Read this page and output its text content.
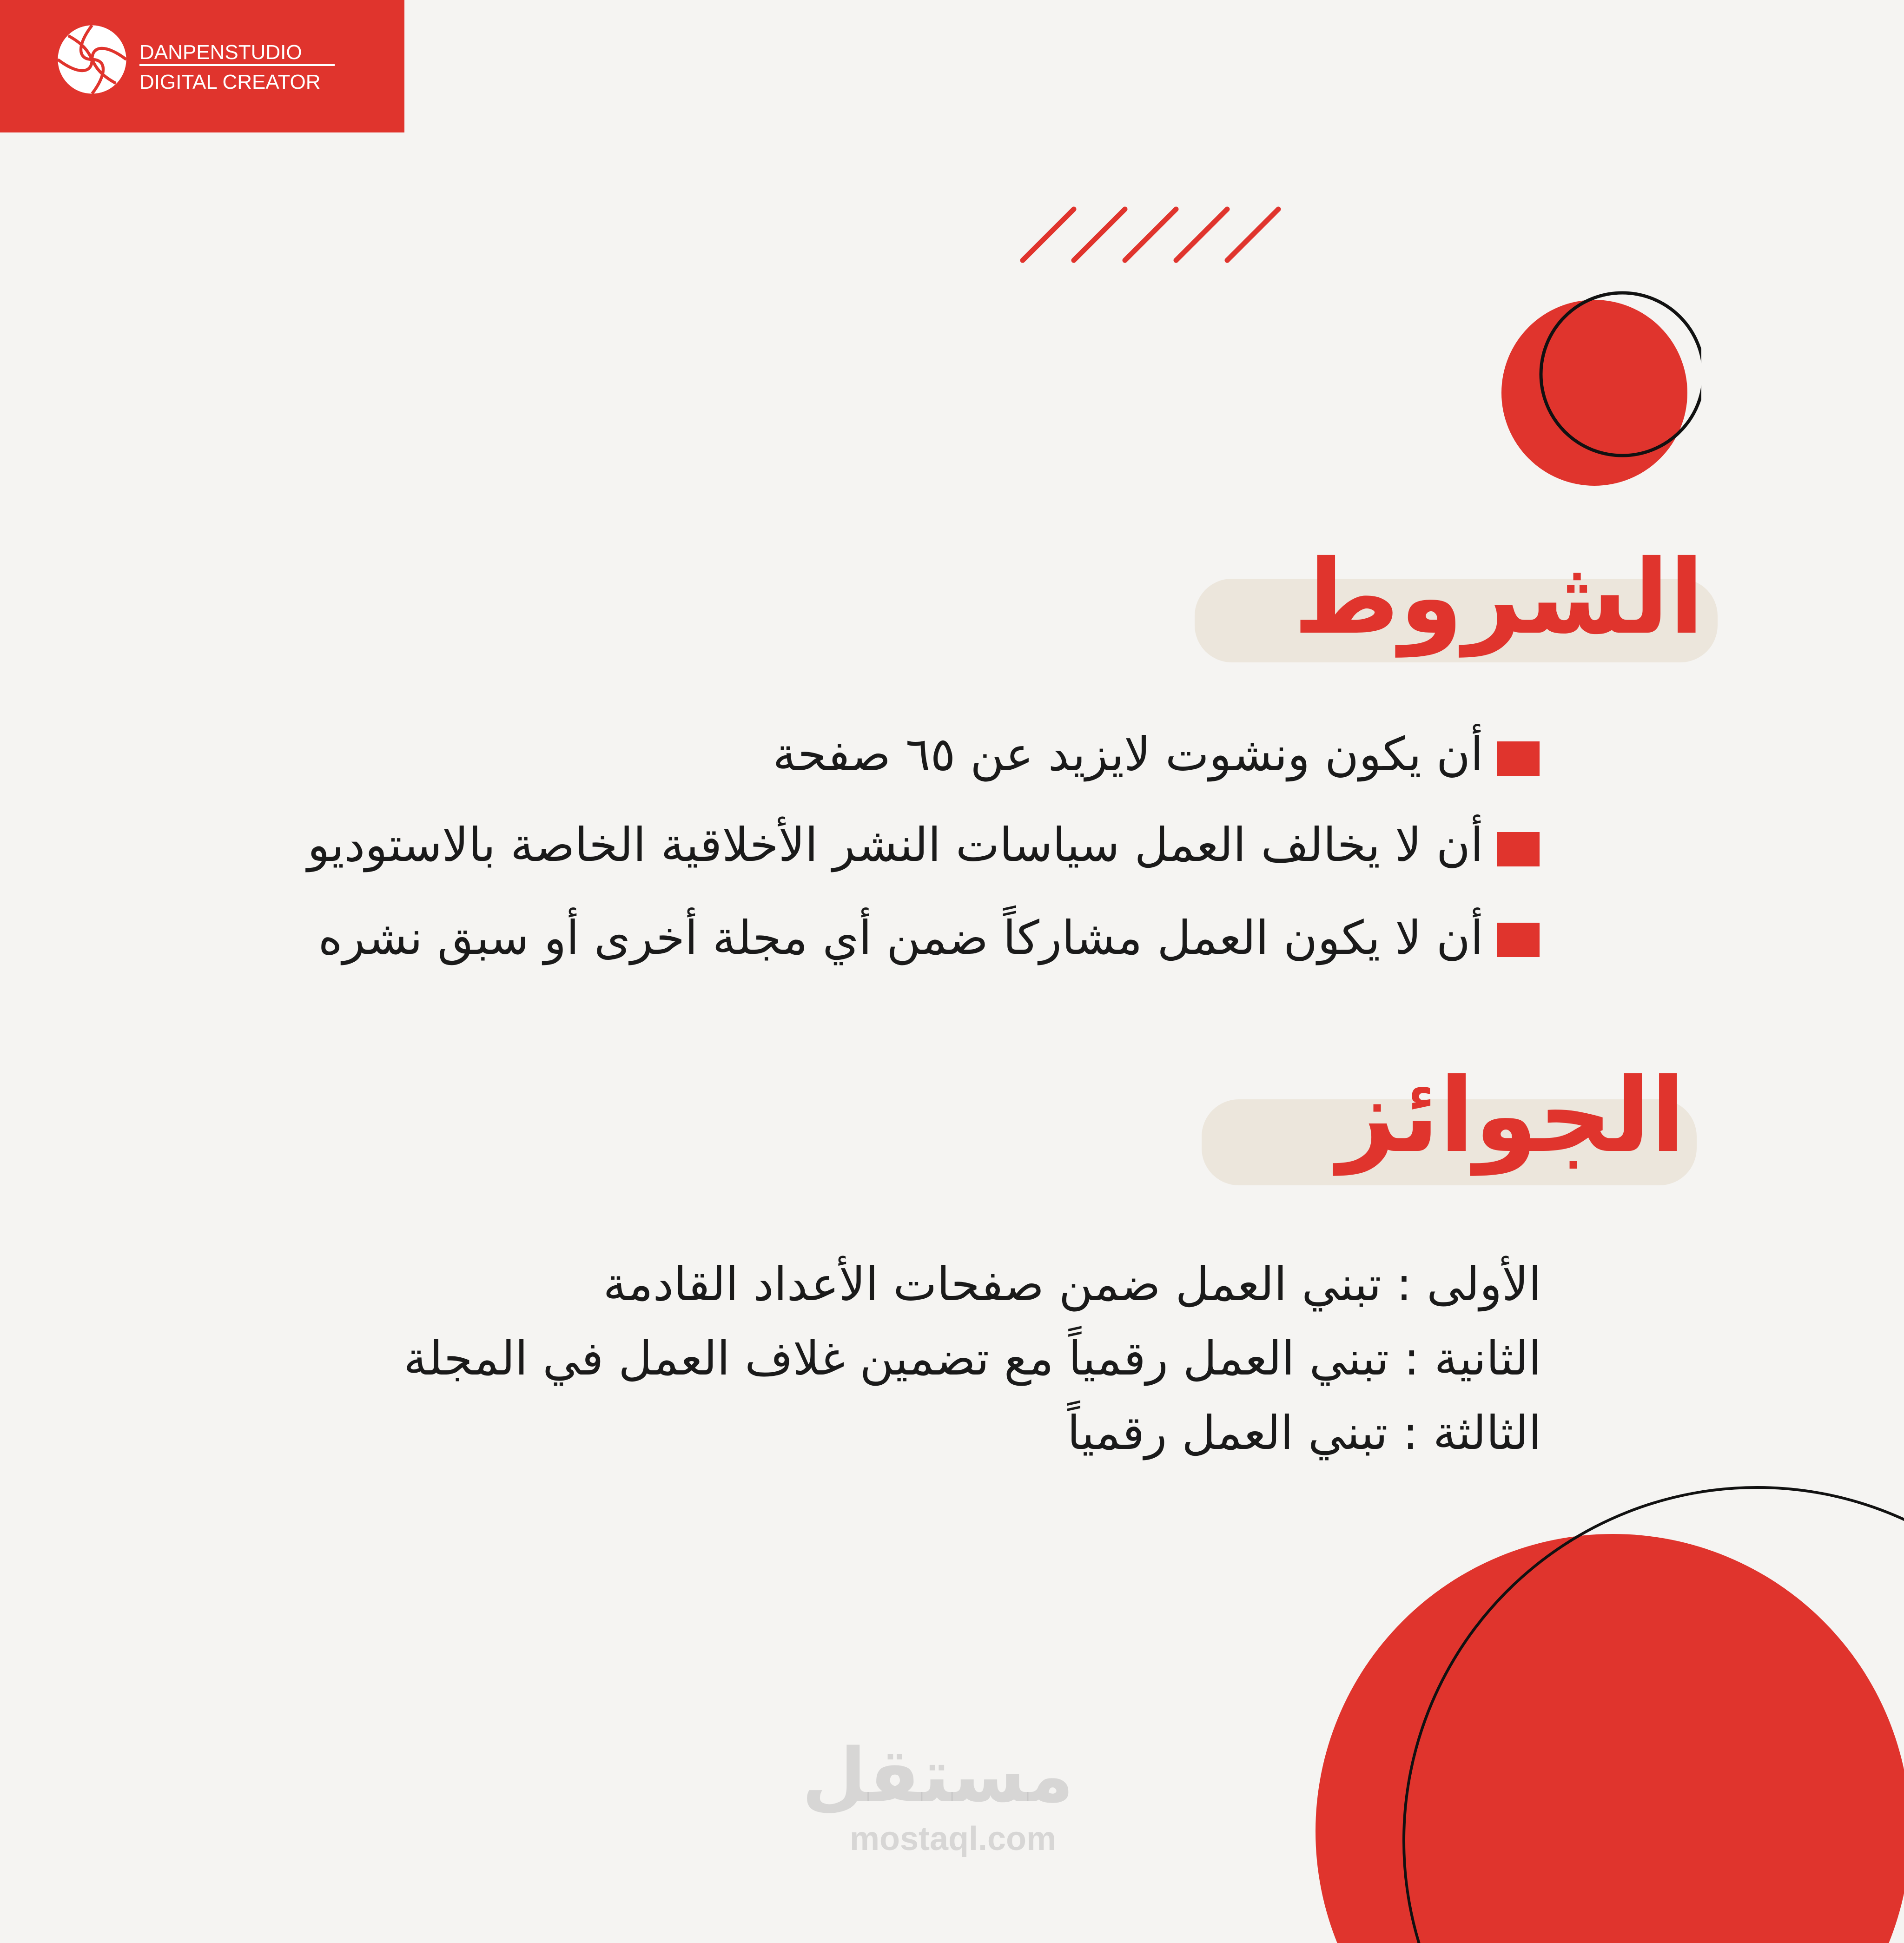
DANPENSTUDIO
DIGITAL CREATOR
الشروط
أن يكون ونشوت لايزيد عن ٦٥ صفحة
أن لا يخالف العمل سياسات النشر الأخلاقية الخاصة بالاستوديو
أن لا يكون العمل مشاركاً ضمن أي مجلة أخرى أو سبق نشره
الجوائز
الأولى : تبني العمل ضمن صفحات الأعداد القادمة
الثانية : تبني العمل رقمياً مع تضمين غلاف العمل في المجلة
الثالثة : تبني العمل رقمياً
مستقل
mostaql.com
